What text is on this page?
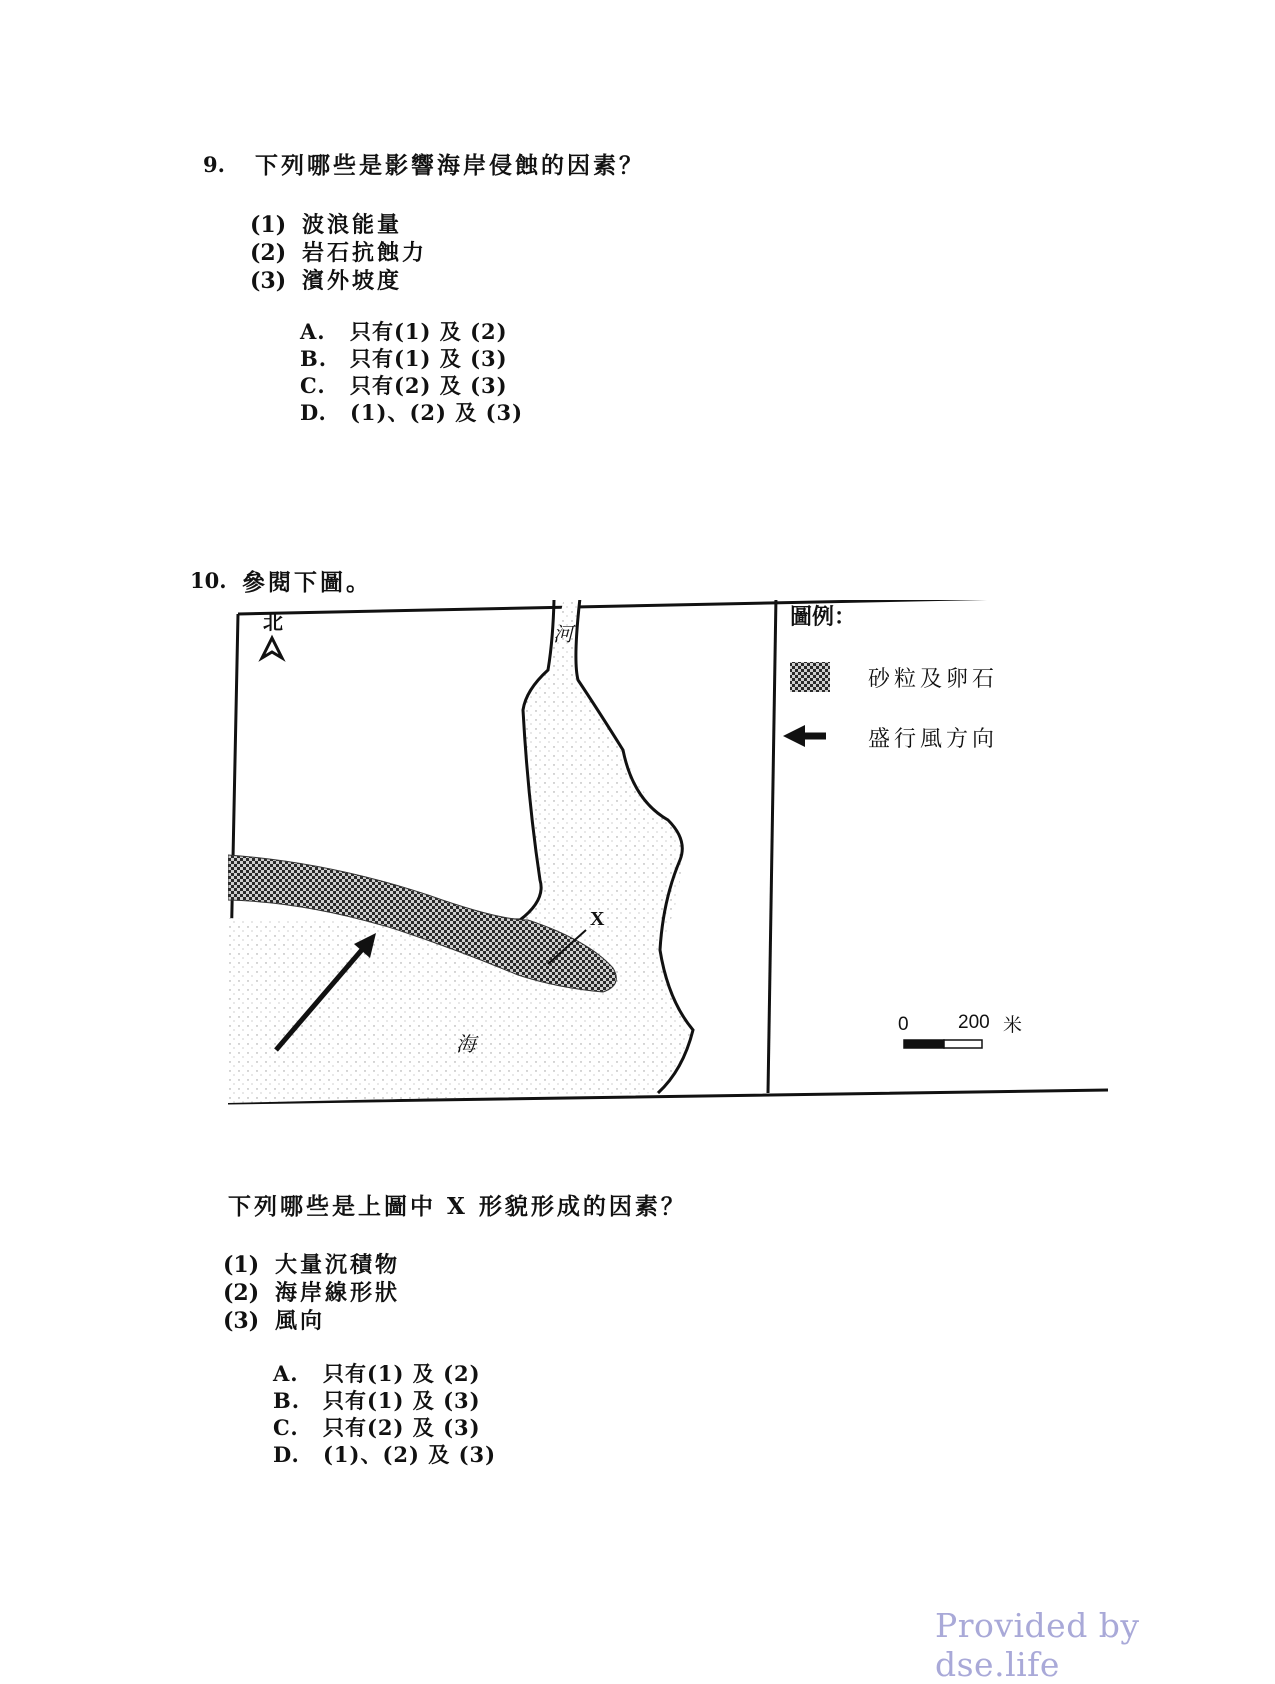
9. 下列哪些是影響海岸侵蝕的因素？
(1) 波浪能量
(2) 岩石抗蝕力
(3) 濱外坡度
A. 只有(1) 及 (2)
B. 只有(1) 及 (3)
C. 只有(2) 及 (3)
D. (1)、(2) 及 (3)
10. 參閱下圖。
北	河
海
X
圖例：
砂粒及卵石
盛行風方向
0	200 米
下列哪些是上圖中 X 形貌形成的因素？
(1) 大量沉積物
(2) 海岸線形狀
(3) 風向
A. 只有(1) 及 (2)
B. 只有(1) 及 (3)
C. 只有(2) 及 (3)
D. (1)、(2) 及 (3)
Provided by dse.life
